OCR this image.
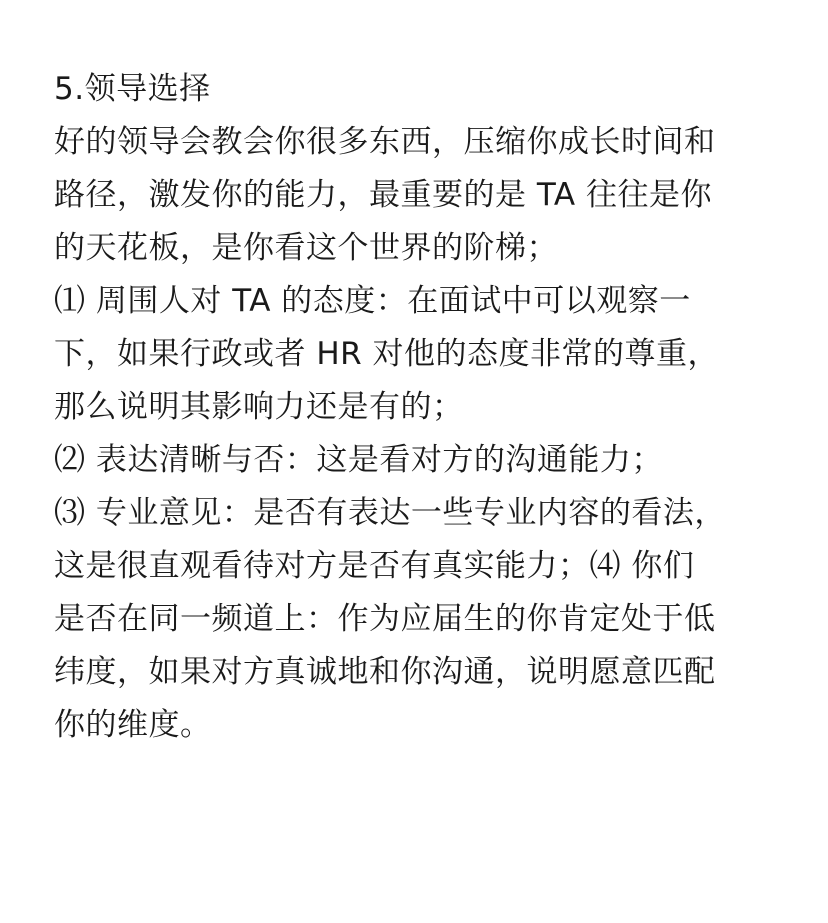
5.领导选择
好的领导会教会你很多东西，压缩你成长时间和
路径，激发你的能力，最重要的是 TA 往往是你
的天花板，是你看这个世界的阶梯；
⑴ 周围人对 TA 的态度：在面试中可以观察一
下，如果行政或者 HR 对他的态度非常的尊重，
那么说明其影响力还是有的；
⑵ 表达清晰与否：这是看对方的沟通能力；
⑶ 专业意见：是否有表达一些专业内容的看法，
这是很直观看待对方是否有真实能力；⑷ 你们
是否在同一频道上：作为应届生的你肯定处于低
纬度，如果对方真诚地和你沟通，说明愿意匹配
你的维度。
